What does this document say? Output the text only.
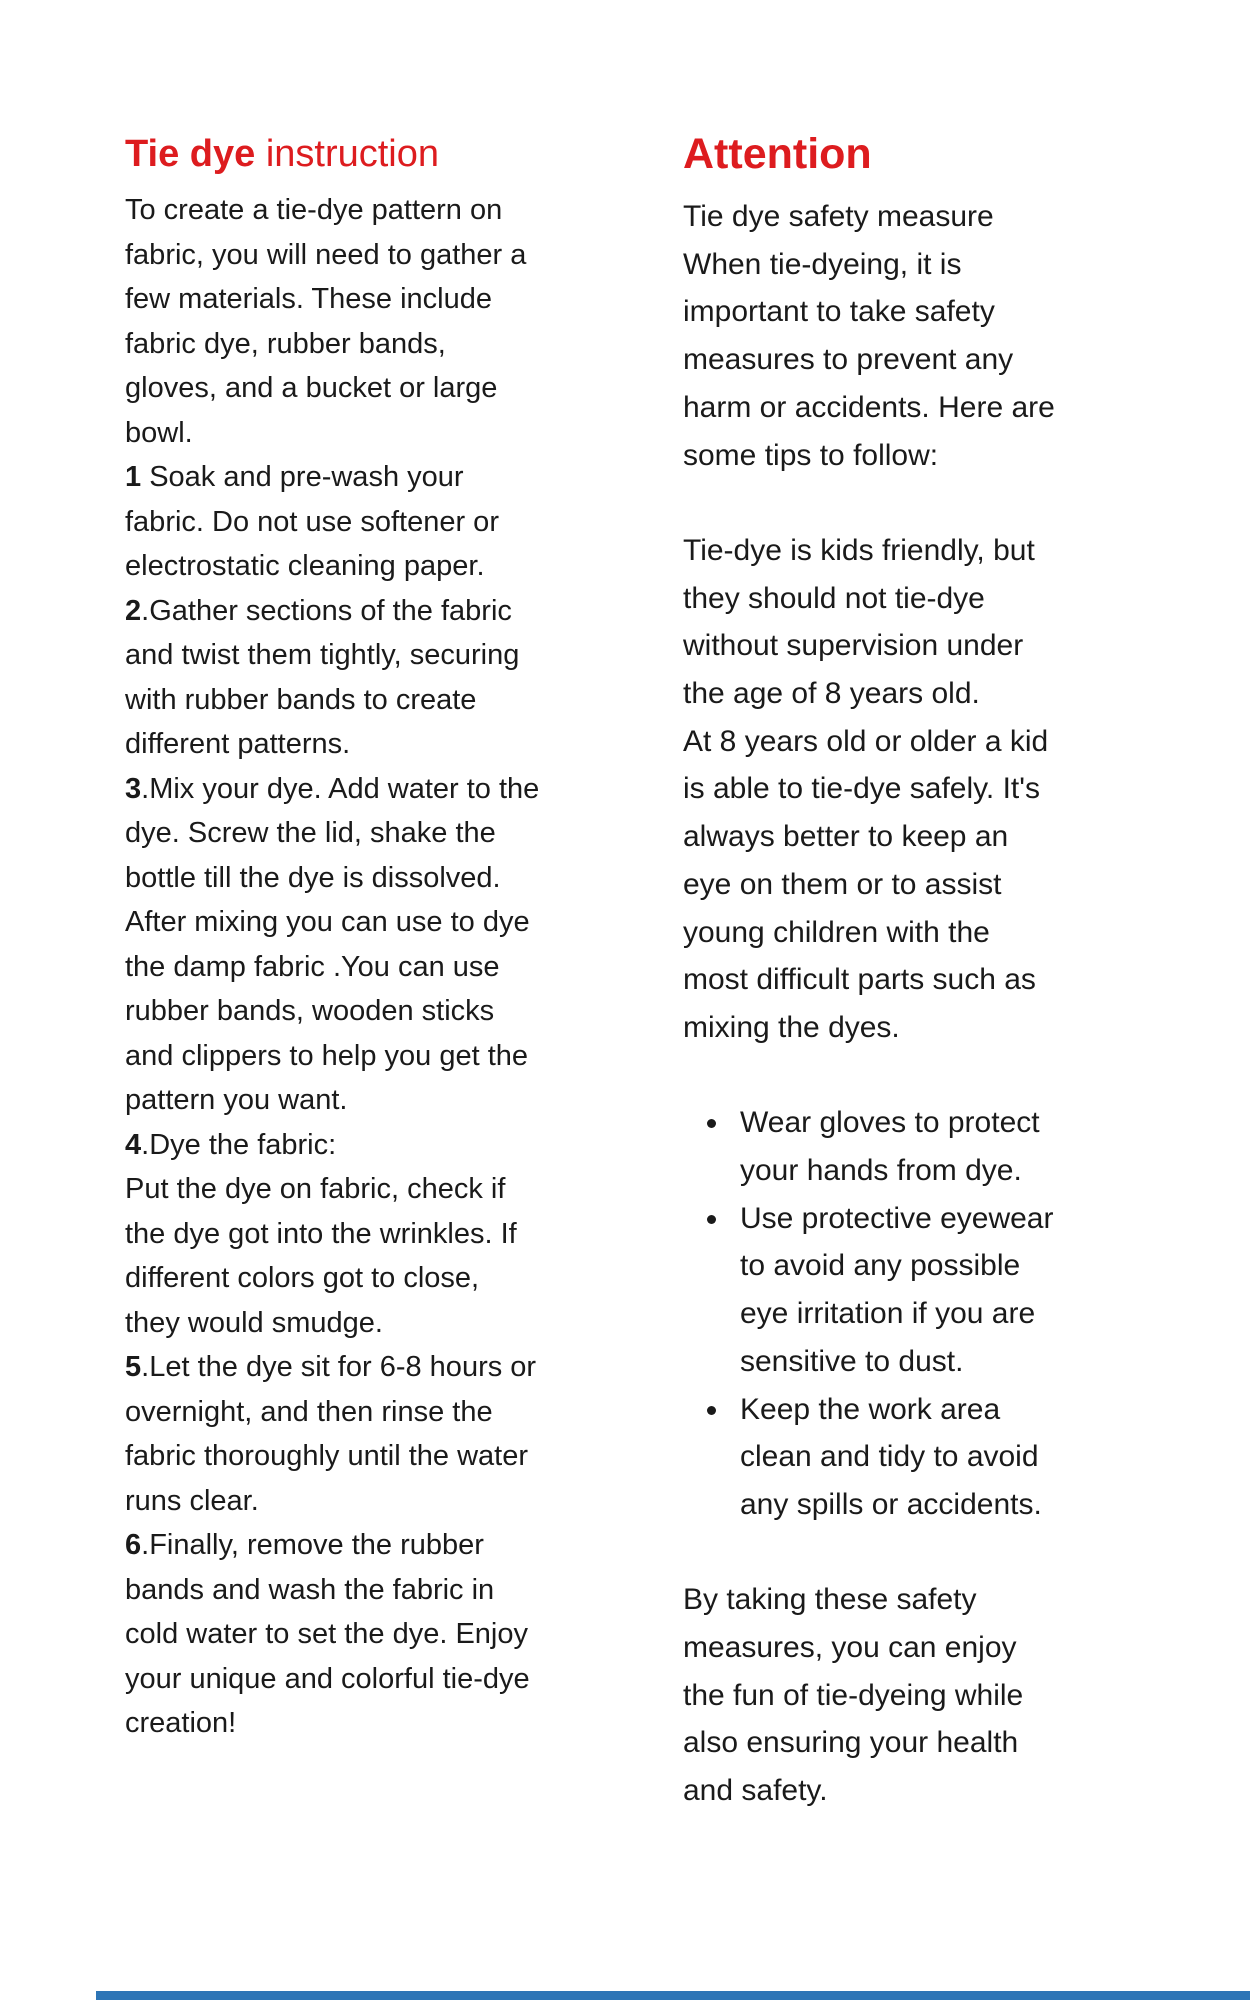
Tie dye instruction
To create a tie-dye pattern on
fabric, you will need to gather a
few materials. These include
fabric dye, rubber bands,
gloves, and a bucket or large
bowl.
1 Soak and pre-wash your
fabric. Do not use softener or
electrostatic cleaning paper.
2.Gather sections of the fabric
and twist them tightly, securing
with rubber bands to create
different patterns.
3.Mix your dye. Add water to the
dye. Screw the lid, shake the
bottle till the dye is dissolved.
After mixing you can use to dye
the damp fabric .You can use
rubber bands, wooden sticks
and clippers to help you get the
pattern you want.
4.Dye the fabric:
Put the dye on fabric, check if
the dye got into the wrinkles. If
different colors got to close,
they would smudge.
5.Let the dye sit for 6-8 hours or
overnight, and then rinse the
fabric thoroughly until the water
runs clear.
6.Finally, remove the rubber
bands and wash the fabric in
cold water to set the dye. Enjoy
your unique and colorful tie-dye
creation!
Attention
Tie dye safety measure
When tie-dyeing, it is
important to take safety
measures to prevent any
harm or accidents. Here are
some tips to follow:
Tie-dye is kids friendly, but
they should not tie-dye
without supervision under
the age of 8 years old.
At 8 years old or older a kid
is able to tie-dye safely. It's
always better to keep an
eye on them or to assist
young children with the
most difficult parts such as
mixing the dyes.
Wear gloves to protect
your hands from dye.
Use protective eyewear
to avoid any possible
eye irritation if you are
sensitive to dust.
Keep the work area
clean and tidy to avoid
any spills or accidents.
By taking these safety
measures, you can enjoy
the fun of tie-dyeing while
also ensuring your health
and safety.
